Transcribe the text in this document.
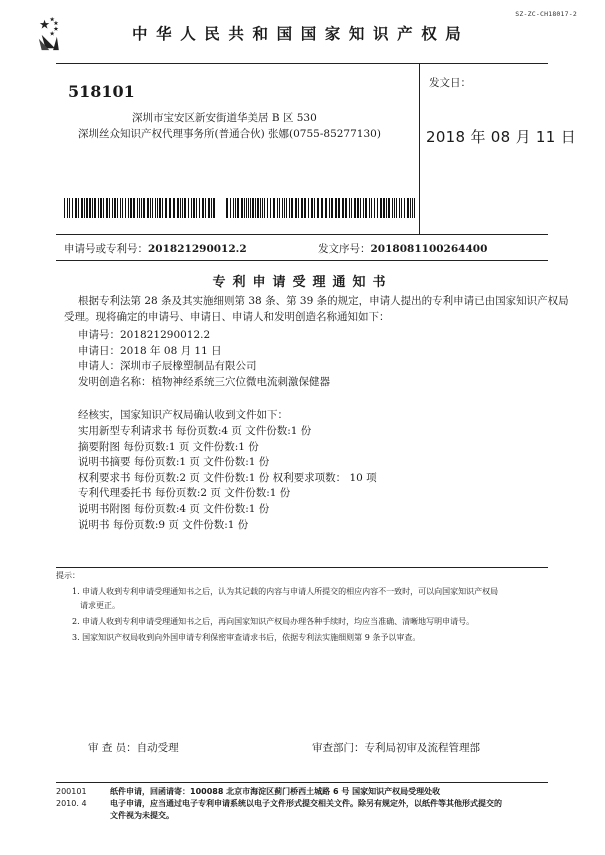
SZ-ZC-CH18017-2
中华人民共和国国家知识产权局
518101
深圳市宝安区新安街道华美居 B 区 530
深圳丝众知识产权代理事务所(普通合伙) 张娜(0755-85277130)
发文日：
2018 年 08 月 11 日
申请号或专利号：201821290012.2	发文序号：2018081100264400
专利申请受理通知书
根据专利法第 28 条及其实施细则第 38 条、第 39 条的规定，申请人提出的专利申请已由国家知识产权局
受理。现将确定的申请号、申请日、申请人和发明创造名称通知如下：
申请号：201821290012.2
申请日：2018 年 08 月 11 日
申请人：深圳市子辰橡塑制品有限公司
发明创造名称：植物神经系统三穴位微电流刺激保健器
经核实，国家知识产权局确认收到文件如下：
实用新型专利请求书 每份页数:4 页 文件份数:1 份
摘要附图 每份页数:1 页 文件份数:1 份
说明书摘要 每份页数:1 页 文件份数:1 份
权利要求书 每份页数:2 页 文件份数:1 份 权利要求项数： 10 项
专利代理委托书 每份页数:2 页 文件份数:1 份
说明书附图 每份页数:4 页 文件份数:1 份
说明书 每份页数:9 页 文件份数:1 份
提示：
1. 申请人收到专利申请受理通知书之后，认为其记载的内容与申请人所提交的相应内容不一致时，可以向国家知识产权局
请求更正。
2. 申请人收到专利申请受理通知书之后，再向国家知识产权局办理各种手续时，均应当准确、清晰地写明申请号。
3. 国家知识产权局收到向外国申请专利保密审查请求书后，依据专利法实施细则第 9 条予以审查。
审 查 员：自动受理	审查部门：专利局初审及流程管理部
200101
2010. 4
纸件申请，回函请寄：100088 北京市海淀区蓟门桥西土城路 6 号 国家知识产权局受理处收
电子申请，应当通过电子专利申请系统以电子文件形式提交相关文件。除另有规定外，以纸件等其他形式提交的
文件视为未提交。
